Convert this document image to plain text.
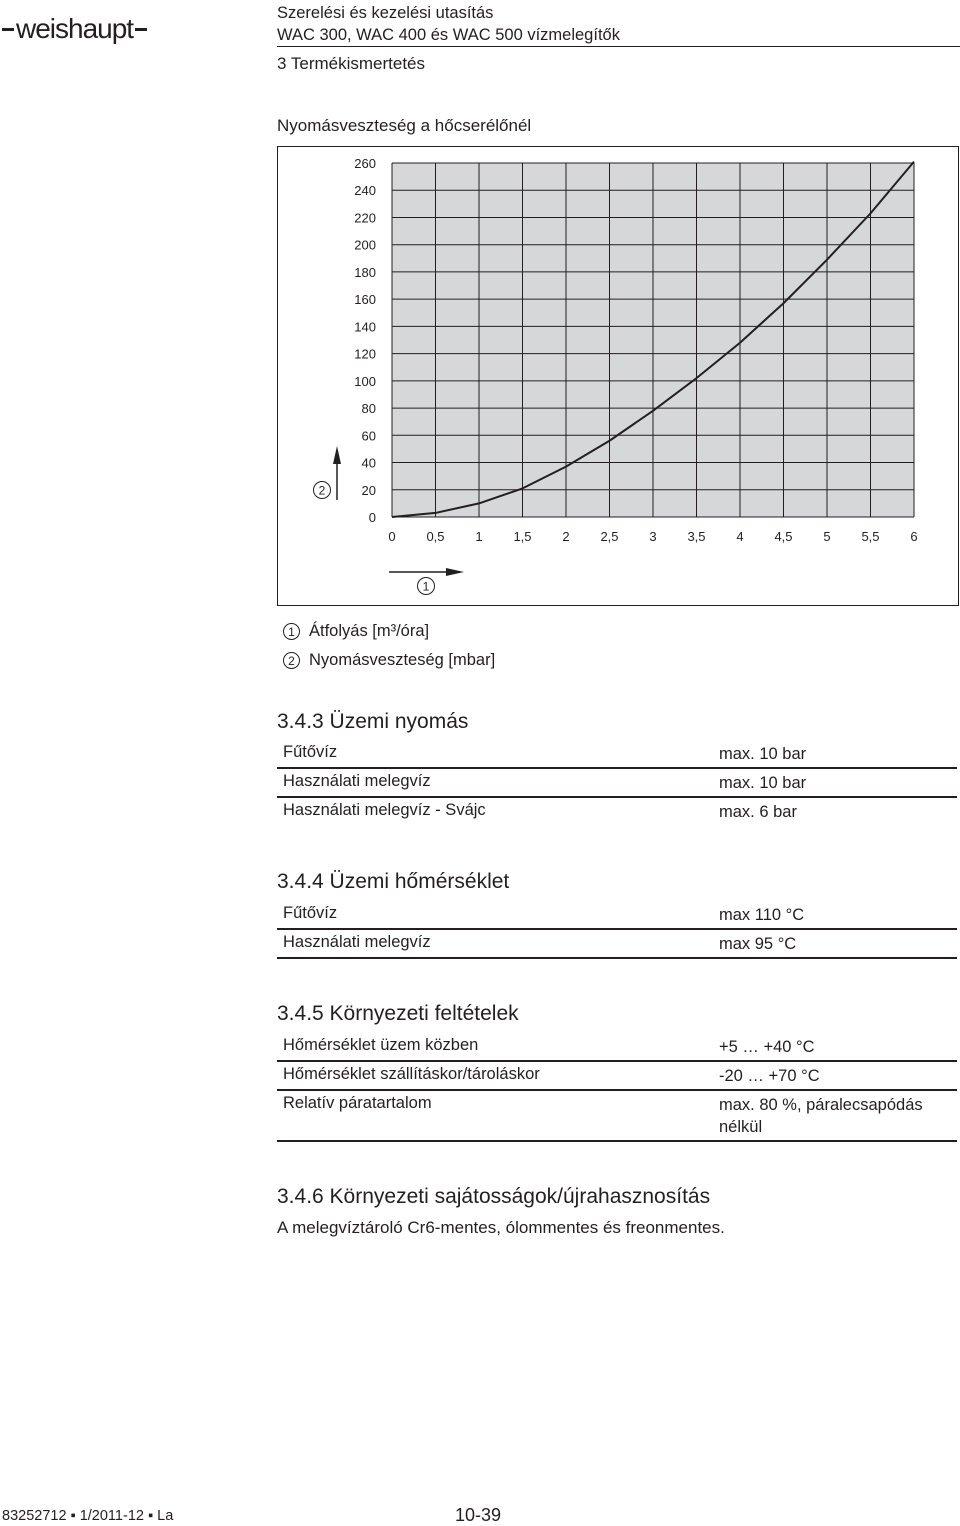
weishaupt	Szerelési és kezelési utasítás
WAC 300, WAC 400 és WAC 500 vízmelegítők
3 Termékismertetés
Nyomásveszteség a hőcserélőnél
0 0,5 1 1,5 2 2,5 3 3,5 4 4,5 5 5,5 6
0
20
40
60
80
100
120
140
160
180
200
220
240
260
2
1
1 Átfolyás [m³/óra]
2 Nyomásveszteség [mbar]
3.4.3 Üzemi nyomás
Fűtővíz	max. 10 bar
Használati melegvíz	max. 10 bar
Használati melegvíz - Svájc	max. 6 bar
3.4.4 Üzemi hőmérséklet
Fűtővíz	max 110 °C
Használati melegvíz	max 95 °C
3.4.5 Környezeti feltételek
Hőmérséklet üzem közben	+5 … +40 °C
Hőmérséklet szállításkor/tároláskor	-20 … +70 °C
Relatív páratartalom	max. 80 %, páralecsapódás
nélkül
3.4.6 Környezeti sajátosságok/újrahasznosítás
A melegvíztároló Cr6-mentes, ólommentes és freonmentes.
83252712 ▪ 1/2011-12 ▪ La	10-39
